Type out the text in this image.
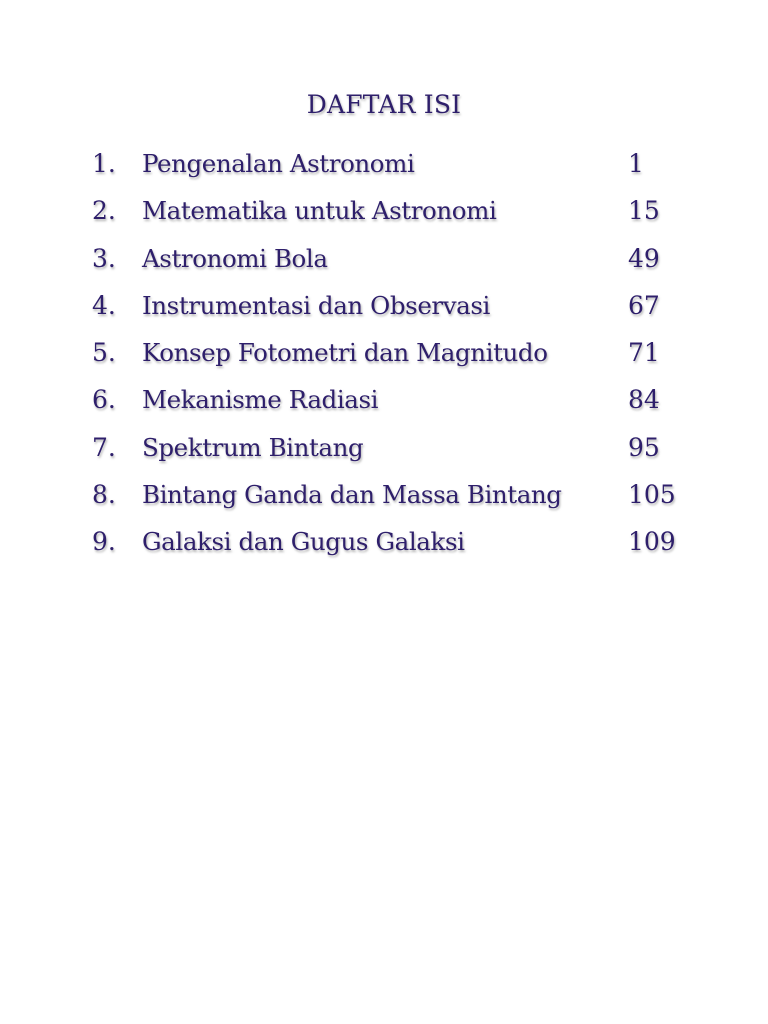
DAFTAR ISI
1. Pengenalan Astronomi	1
2. Matematika untuk Astronomi	15
3. Astronomi Bola	49
4. Instrumentasi dan Observasi	67
5. Konsep Fotometri dan Magnitudo	71
6. Mekanisme Radiasi	84
7. Spektrum Bintang	95
8. Bintang Ganda dan Massa Bintang	105
9. Galaksi dan Gugus Galaksi	109
